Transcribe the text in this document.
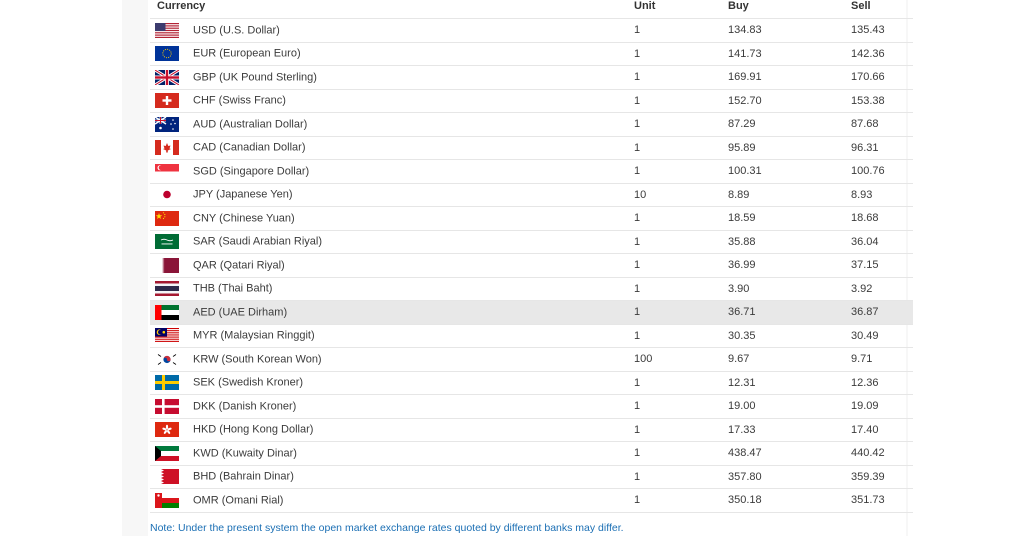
Currency	Unit	Buy	Sell
USD (U.S. Dollar)	1	134.83	135.43
EUR (European Euro)	1	141.73	142.36
GBP (UK Pound Sterling)	1	169.91	170.66
CHF (Swiss Franc)	1	152.70	153.38
AUD (Australian Dollar)	1	87.29	87.68
CAD (Canadian Dollar)	1	95.89	96.31
SGD (Singapore Dollar)	1	100.31	100.76
JPY (Japanese Yen)	10	8.89	8.93
CNY (Chinese Yuan)	1	18.59	18.68
SAR (Saudi Arabian Riyal)	1	35.88	36.04
QAR (Qatari Riyal)	1	36.99	37.15
THB (Thai Baht)	1	3.90	3.92
AED (UAE Dirham)	1	36.71	36.87
MYR (Malaysian Ringgit)	1	30.35	30.49
KRW (South Korean Won)	100	9.67	9.71
SEK (Swedish Kroner)	1	12.31	12.36
DKK (Danish Kroner)	1	19.00	19.09
HKD (Hong Kong Dollar)	1	17.33	17.40
KWD (Kuwaity Dinar)	1	438.47	440.42
BHD (Bahrain Dinar)	1	357.80	359.39
OMR (Omani Rial)	1	350.18	351.73
Note: Under the present system the open market exchange rates quoted by different banks may differ.
